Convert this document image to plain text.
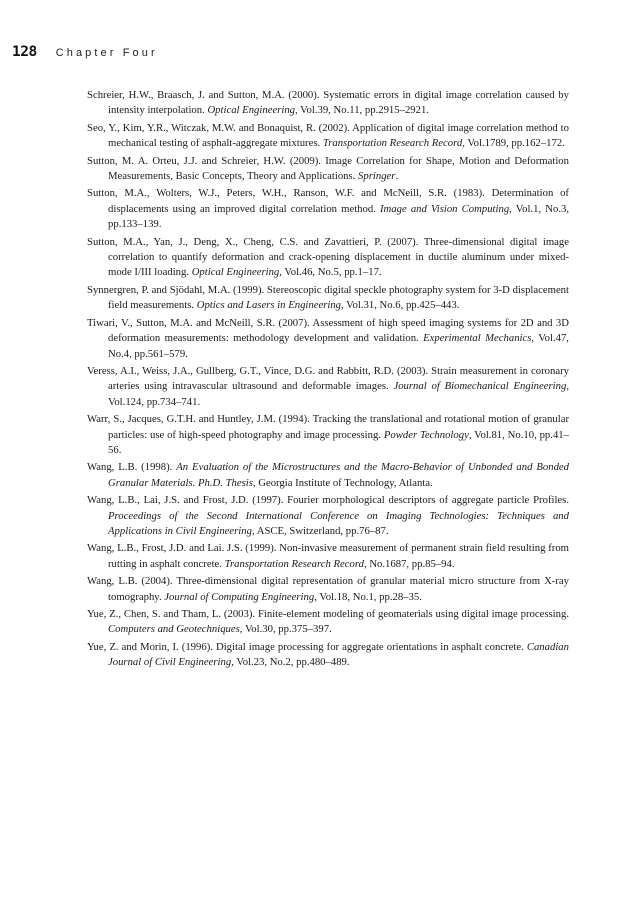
128 Chapter Four

Schreier, H.W., Braasch, J. and Sutton, M.A. (2000). Systematic errors in digital image correlation caused by intensity interpolation. Optical Engineering, Vol.39, No.11, pp.2915–2921.

Seo, Y., Kim, Y.R., Witczak, M.W. and Bonaquist, R. (2002). Application of digital image correlation method to mechanical testing of asphalt-aggregate mixtures. Transportation Research Record, Vol.1789, pp.162–172.

Sutton, M. A. Orteu, J.J. and Schreier, H.W. (2009). Image Correlation for Shape, Motion and Deformation Measurements, Basic Concepts, Theory and Applications. Springer.

Sutton, M.A., Wolters, W.J., Peters, W.H., Ranson, W.F. and McNeill, S.R. (1983). Determination of displacements using an improved digital correlation method. Image and Vision Computing, Vol.1, No.3, pp.133–139.

Sutton, M.A., Yan, J., Deng, X., Cheng, C.S. and Zavattieri, P. (2007). Three-dimensional digital image correlation to quantify deformation and crack-opening displacement in ductile aluminum under mixed-mode I/III loading. Optical Engineering, Vol.46, No.5, pp.1–17.

Synnergren, P. and Sjödahl, M.A. (1999). Stereoscopic digital speckle photography system for 3-D displacement field measurements. Optics and Lasers in Engineering, Vol.31, No.6, pp.425–443.

Tiwari, V., Sutton, M.A. and McNeill, S.R. (2007). Assessment of high speed imaging systems for 2D and 3D deformation measurements: methodology development and validation. Experimental Mechanics, Vol.47, No.4, pp.561–579.

Veress, A.I., Weiss, J.A., Gullberg, G.T., Vince, D.G. and Rabbitt, R.D. (2003). Strain measurement in coronary arteries using intravascular ultrasound and deformable images. Journal of Biomechanical Engineering, Vol.124, pp.734–741.

Warr, S., Jacques, G.T.H. and Huntley, J.M. (1994). Tracking the translational and rotational motion of granular particles: use of high-speed photography and image processing. Powder Technology, Vol.81, No.10, pp.41–56.

Wang, L.B. (1998). An Evaluation of the Microstructures and the Macro-Behavior of Unbonded and Bonded Granular Materials. Ph.D. Thesis, Georgia Institute of Technology, Atlanta.

Wang, L.B., Lai, J.S. and Frost, J.D. (1997). Fourier morphological descriptors of aggregate particle Profiles. Proceedings of the Second International Conference on Imaging Technologies: Techniques and Applications in Civil Engineering, ASCE, Switzerland, pp.76–87.

Wang, L.B., Frost, J.D. and Lai. J.S. (1999). Non-invasive measurement of permanent strain field resulting from rutting in asphalt concrete. Transportation Research Record, No.1687, pp.85–94.

Wang, L.B. (2004). Three-dimensional digital representation of granular material micro structure from X-ray tomography. Journal of Computing Engineering, Vol.18, No.1, pp.28–35.

Yue, Z., Chen, S. and Tham, L. (2003). Finite-element modeling of geomaterials using digital image processing. Computers and Geotechniques, Vol.30, pp.375–397.

Yue, Z. and Morin, I. (1996). Digital image processing for aggregate orientations in asphalt concrete. Canadian Journal of Civil Engineering, Vol.23, No.2, pp.480–489.
